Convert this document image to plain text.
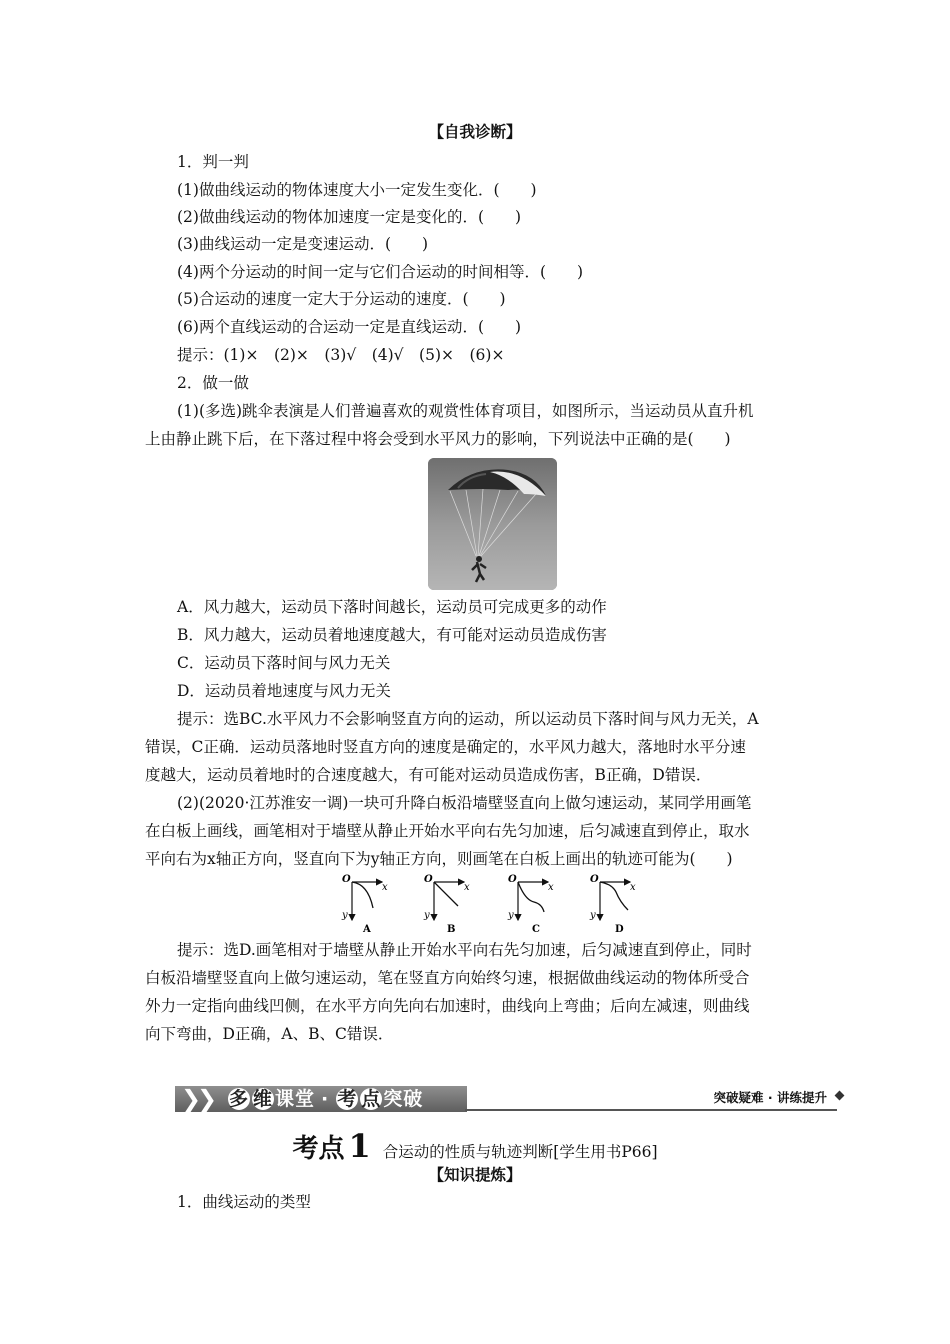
【自我诊断】
1．判一判
(1)做曲线运动的物体速度大小一定发生变化．(　　)
(2)做曲线运动的物体加速度一定是变化的．(　　)
(3)曲线运动一定是变速运动．(　　)
(4)两个分运动的时间一定与它们合运动的时间相等．(　　)
(5)合运动的速度一定大于分运动的速度．(　　)
(6)两个直线运动的合运动一定是直线运动．(　　)
提示：(1)×　(2)×　(3)√　(4)√　(5)×　(6)×
2．做一做
(1)(多选)跳伞表演是人们普遍喜欢的观赏性体育项目，如图所示，当运动员从直升机
上由静止跳下后，在下落过程中将会受到水平风力的影响，下列说法中正确的是(　　)
A．风力越大，运动员下落时间越长，运动员可完成更多的动作
B．风力越大，运动员着地速度越大，有可能对运动员造成伤害
C．运动员下落时间与风力无关
D．运动员着地速度与风力无关
提示：选BC.水平风力不会影响竖直方向的运动，所以运动员下落时间与风力无关，A
错误，C正确．运动员落地时竖直方向的速度是确定的，水平风力越大，落地时水平分速
度越大，运动员着地时的合速度越大，有可能对运动员造成伤害，B正确，D错误．
(2)(2020·江苏淮安一调)一块可升降白板沿墙壁竖直向上做匀速运动，某同学用画笔
在白板上画线，画笔相对于墙壁从静止开始水平向右先匀加速，后匀减速直到停止，取水
平向右为x轴正方向，竖直向下为y轴正方向，则画笔在白板上画出的轨迹可能为(　　)
O
x
y
A
O
x
y
B
O
x
y
C
O
x
y
D
提示：选D.画笔相对于墙壁从静止开始水平向右先匀加速，后匀减速直到停止，同时
白板沿墙壁竖直向上做匀速运动，笔在竖直方向始终匀速，根据做曲线运动的物体所受合
外力一定指向曲线凹侧，在水平方向先向右加速时，曲线向上弯曲；后向左减速，则曲线
向下弯曲，D正确，A、B、C错误．
❯
❯ 多 维 课堂 · 考 点 突破	突破疑难 · 讲练提升
考点 1 合运动的性质与轨迹判断[学生用书P66]
【知识提炼】
1．曲线运动的类型
